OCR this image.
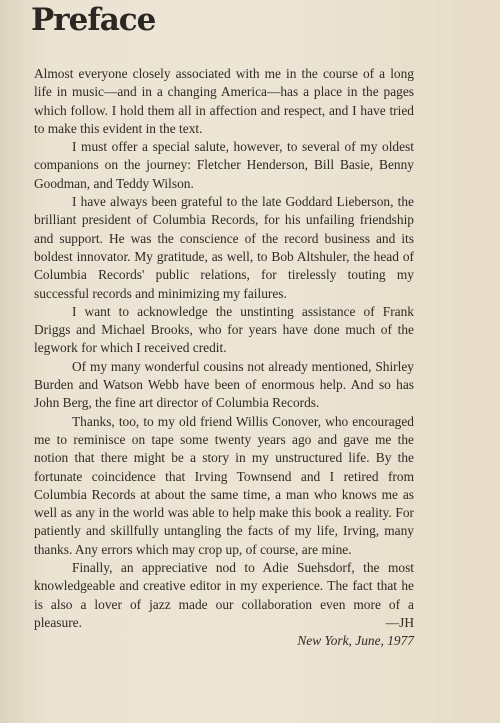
Preface

Almost everyone closely associated with me in the course of a long life in music—and in a changing America—has a place in the pages which follow. I hold them all in affection and respect, and I have tried to make this evident in the text.

I must offer a special salute, however, to several of my oldest companions on the journey: Fletcher Henderson, Bill Basie, Benny Goodman, and Teddy Wilson.

I have always been grateful to the late Goddard Lieberson, the brilliant president of Columbia Records, for his unfailing friendship and support. He was the conscience of the record business and its boldest innovator. My gratitude, as well, to Bob Altshuler, the head of Columbia Records' public relations, for tirelessly touting my successful records and minimizing my failures.

I want to acknowledge the unstinting assistance of Frank Driggs and Michael Brooks, who for years have done much of the legwork for which I received credit.

Of my many wonderful cousins not already mentioned, Shirley Burden and Watson Webb have been of enormous help. And so has John Berg, the fine art director of Columbia Records.

Thanks, too, to my old friend Willis Conover, who encouraged me to reminisce on tape some twenty years ago and gave me the notion that there might be a story in my unstructured life. By the fortunate coincidence that Irving Townsend and I retired from Columbia Records at about the same time, a man who knows me as well as any in the world was able to help make this book a reality. For patiently and skillfully untangling the facts of my life, Irving, many thanks. Any errors which may crop up, of course, are mine.

Finally, an appreciative nod to Adie Suehsdorf, the most knowledgeable and creative editor in my experience. The fact that he is also a lover of jazz made our collaboration even more of a pleasure.	—JH

New York, June, 1977
